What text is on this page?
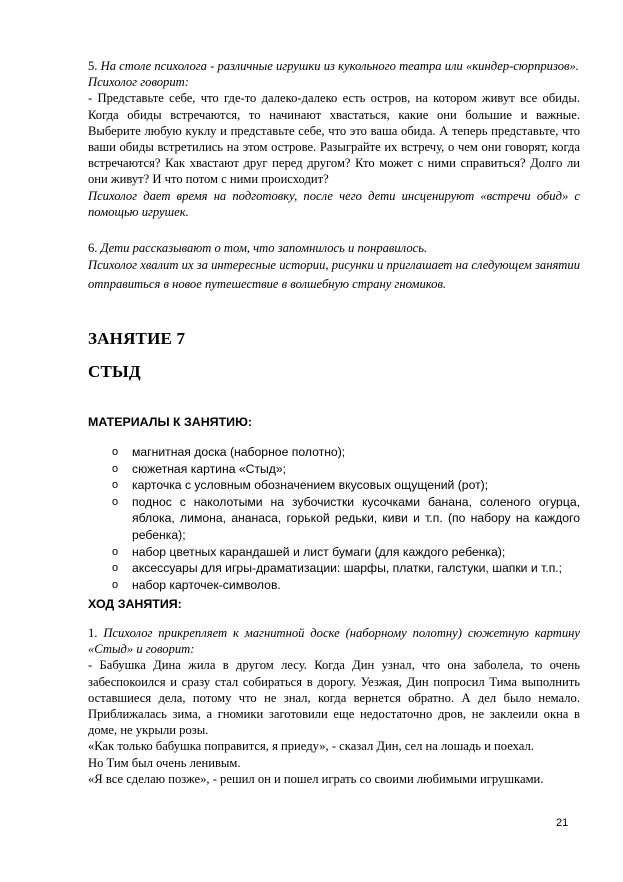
5. На столе психолога - различные игрушки из кукольного театра или «киндер-сюрпризов».

Психолог говорит:

- Представьте себе, что где-то далеко-далеко есть остров, на котором живут все обиды. Когда обиды встречаются, то начинают хвастаться, какие они большие и важные. Выберите любую куклу и представьте себе, что это ваша обида. А теперь представьте, что ваши обиды встретились на этом острове. Разыграйте их встречу, о чем они говорят, когда встречаются? Как хвастают друг перед другом? Кто может с ними справиться? Долго ли они живут? И что потом с ними происходит?

Психолог дает время на подготовку, после чего дети инсценируют «встречи обид» с помощью игрушек.

6. Дети рассказывают о том, что запомнилось и понравилось.

Психолог хвалит их за интересные истории, рисунки и приглашает на следующем занятии отправиться в новое путешествие в волшебную страну гномиков.

ЗАНЯТИЕ 7
СТЫД
МАТЕРИАЛЫ К ЗАНЯТИЮ:
o	магнитная доска (наборное полотно);
o	сюжетная картина «Стыд»;
o	карточка с условным обозначением вкусовых ощущений (рот);
o	поднос с наколотыми на зубочистки кусочками банана, соленого огурца, яблока, лимона, ананаса, горькой редьки, киви и т.п. (по набору на каждого ребенка);
o	набор цветных карандашей и лист бумаги (для каждого ребенка);
o	аксессуары для игры-драматизации: шарфы, платки, галстуки, шапки и т.п.;
o	набор карточек-символов.
ХОД ЗАНЯТИЯ:

1. Психолог прикрепляет к магнитной доске (наборному полотну) сюжетную картину «Стыд» и говорит:

- Бабушка Дина жила в другом лесу. Когда Дин узнал, что она заболела, то очень забеспокоился и сразу стал собираться в дорогу. Уезжая, Дин попросил Тима выполнить оставшиеся дела, потому что не знал, когда вернется обратно. А дел было немало. Приближалась зима, а гномики заготовили еще недостаточно дров, не заклеили окна в доме, не укрыли розы.

«Как только бабушка поправится, я приеду», - сказал Дин, сел на лошадь и поехал.

Но Тим был очень ленивым.

«Я все сделаю позже», - решил он и пошел играть со своими любимыми игрушками.

21
